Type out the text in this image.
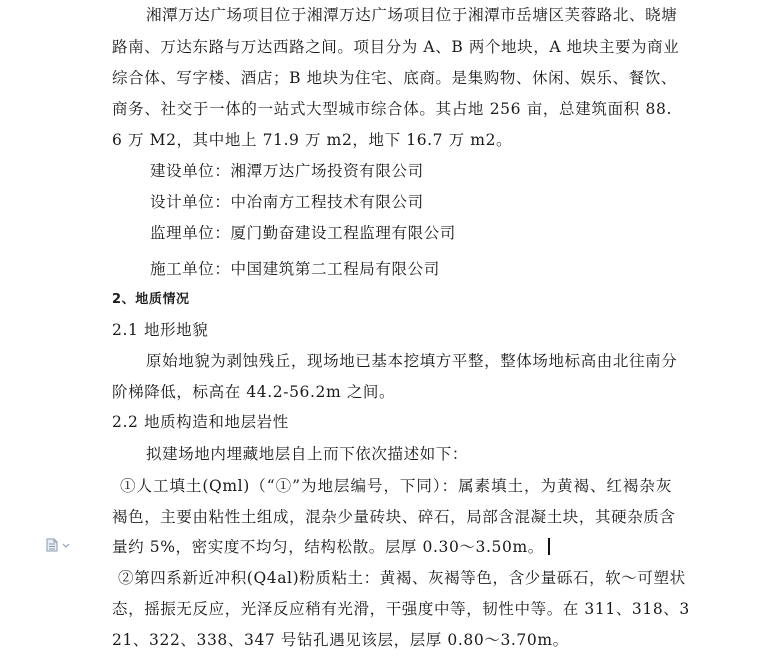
湘潭万达广场项目位于湘潭万达广场项目位于湘潭市岳塘区芙蓉路北、晓塘
路南、万达东路与万达西路之间。项目分为 A、B 两个地块，A 地块主要为商业
综合体、写字楼、酒店；B 地块为住宅、底商。是集购物、休闲、娱乐、餐饮、
商务、社交于一体的一站式大型城市综合体。其占地 256 亩，总建筑面积 88.
6 万 M2，其中地上 71.9 万 m2，地下 16.7 万 m2。
建设单位：湘潭万达广场投资有限公司
设计单位：中冶南方工程技术有限公司
监理单位：厦门勤奋建设工程监理有限公司
施工单位：中国建筑第二工程局有限公司
2、地质情况
2.1 地形地貌
原始地貌为剥蚀残丘，现场地已基本挖填方平整，整体场地标高由北往南分
阶梯降低，标高在 44.2-56.2m 之间。
2.2 地质构造和地层岩性
拟建场地内埋藏地层自上而下依次描述如下：
①人工填土(Qml)（“①”为地层编号，下同）：属素填土，为黄褐、红褐杂灰
褐色，主要由粘性土组成，混杂少量砖块、碎石，局部含混凝土块，其硬杂质含
量约 5%，密实度不均匀，结构松散。层厚 0.30～3.50m。
②第四系新近冲积(Q4al)粉质粘土：黄褐、灰褐等色，含少量砾石，软～可塑状
态，摇振无反应，光泽反应稍有光滑，干强度中等，韧性中等。在 311、318、3
21、322、338、347 号钻孔遇见该层，层厚 0.80～3.70m。
